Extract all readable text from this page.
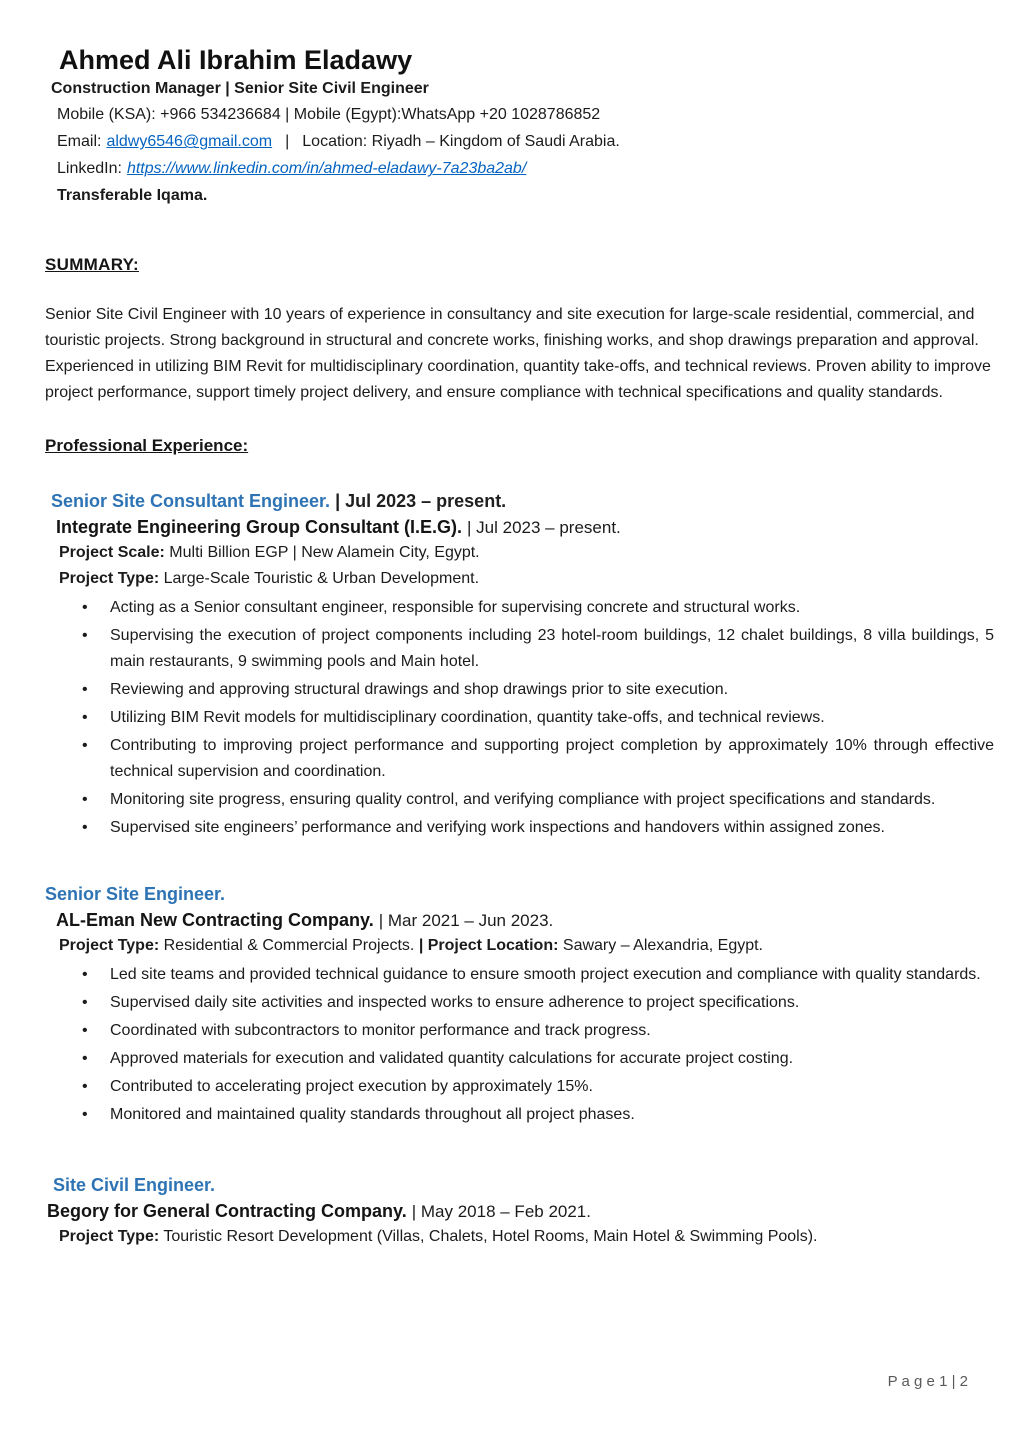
Ahmed Ali Ibrahim Eladawy
Construction Manager | Senior Site Civil Engineer
Mobile (KSA): +966 534236684 | Mobile (Egypt):WhatsApp +20 1028786852
Email: aldwy6546@gmail.com | Location: Riyadh – Kingdom of Saudi Arabia.
LinkedIn: https://www.linkedin.com/in/ahmed-eladawy-7a23ba2ab/
Transferable Iqama.
SUMMARY:

Senior Site Civil Engineer with 10 years of experience in consultancy and site execution for large-scale residential, commercial, and touristic projects. Strong background in structural and concrete works, finishing works, and shop drawings preparation and approval. Experienced in utilizing BIM Revit for multidisciplinary coordination, quantity take-offs, and technical reviews. Proven ability to improve project performance, support timely project delivery, and ensure compliance with technical specifications and quality standards.

Professional Experience:
Senior Site Consultant Engineer. | Jul 2023 – present.
Integrate Engineering Group Consultant (I.E.G). | Jul 2023 – present.
Project Scale: Multi Billion EGP | New Alamein City, Egypt.
Project Type: Large-Scale Touristic & Urban Development.
• Acting as a Senior consultant engineer, responsible for supervising concrete and structural works.
• Supervising the execution of project components including 23 hotel-room buildings, 12 chalet buildings, 8 villa buildings, 5 main restaurants, 9 swimming pools and Main hotel.
• Reviewing and approving structural drawings and shop drawings prior to site execution.
• Utilizing BIM Revit models for multidisciplinary coordination, quantity take-offs, and technical reviews.
• Contributing to improving project performance and supporting project completion by approximately 10% through effective technical supervision and coordination.
• Monitoring site progress, ensuring quality control, and verifying compliance with project specifications and standards.
• Supervised site engineers’ performance and verifying work inspections and handovers within assigned zones.
Senior Site Engineer.
AL-Eman New Contracting Company. | Mar 2021 – Jun 2023.
Project Type: Residential & Commercial Projects. | Project Location: Sawary – Alexandria, Egypt.
• Led site teams and provided technical guidance to ensure smooth project execution and compliance with quality standards.
• Supervised daily site activities and inspected works to ensure adherence to project specifications.
• Coordinated with subcontractors to monitor performance and track progress.
• Approved materials for execution and validated quantity calculations for accurate project costing.
• Contributed to accelerating project execution by approximately 15%.
• Monitored and maintained quality standards throughout all project phases.
Site Civil Engineer.
Begory for General Contracting Company. | May 2018 – Feb 2021.
Project Type: Touristic Resort Development (Villas, Chalets, Hotel Rooms, Main Hotel & Swimming Pools).
P a g e 1 | 2
